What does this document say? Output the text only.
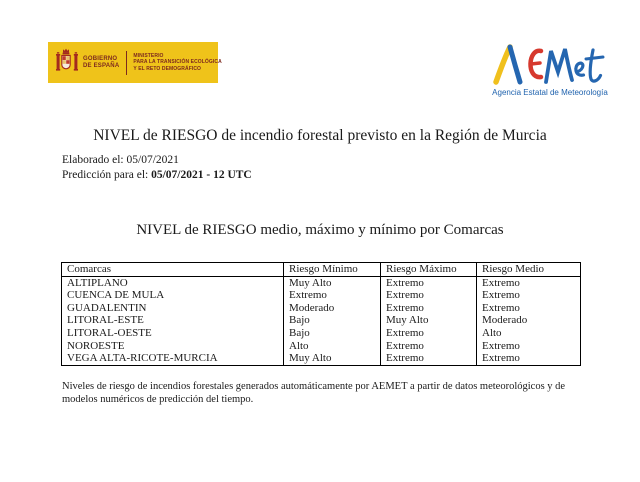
GOBIERNO
DE ESPAÑA
MINISTERIO
PARA LA TRANSICIÓN ECOLÓGICA
Y EL RETO DEMOGRÁFICO
Agencia Estatal de Meteorología
NIVEL de RIESGO de incendio forestal previsto en la Región de Murcia
Elaborado el: 05/07/2021
Predicción para el: 05/07/2021 - 12 UTC
NIVEL de RIESGO medio, máximo y mínimo por Comarcas
Comarcas	Riesgo Mínimo	Riesgo Máximo	Riesgo Medio
ALTIPLANO	Muy Alto	Extremo	Extremo
CUENCA DE MULA	Extremo	Extremo	Extremo
GUADALENTIN	Moderado	Extremo	Extremo
LITORAL-ESTE	Bajo	Muy Alto	Moderado
LITORAL-OESTE	Bajo	Extremo	Alto
NOROESTE	Alto	Extremo	Extremo
VEGA ALTA-RICOTE-MURCIA	Muy Alto	Extremo	Extremo
Niveles de riesgo de incendios forestales generados automáticamente por AEMET a partir de datos meteorológicos y de
modelos numéricos de predicción del tiempo.
